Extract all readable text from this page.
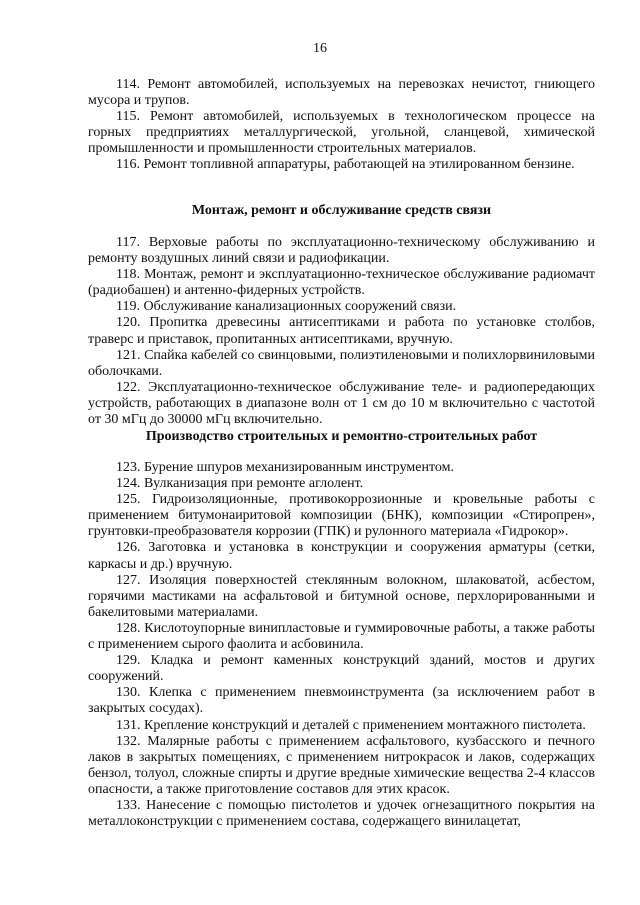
16

114. Ремонт автомобилей, используемых на перевозках нечистот, гниющего мусора и трупов.

115. Ремонт автомобилей, используемых в технологическом процессе на горных предприятиях металлургической, угольной, сланцевой, химической промышленности и промышленности строительных материалов.

116. Ремонт топливной аппаратуры, работающей на этилированном бензине.

Монтаж, ремонт и обслуживание средств связи

117. Верховые работы по эксплуатационно-техническому обслуживанию и ремонту воздушных линий связи и радиофикации.

118. Монтаж, ремонт и эксплуатационно-техническое обслуживание радиомачт (радиобашен) и антенно-фидерных устройств.

119. Обслуживание канализационных сооружений связи.

120. Пропитка древесины антисептиками и работа по установке столбов, траверс и приставок, пропитанных антисептиками, вручную.

121. Спайка кабелей со свинцовыми, полиэтиленовыми и полихлорвиниловыми оболочками.

122. Эксплуатационно-техническое обслуживание теле- и радиопередающих устройств, работающих в диапазоне волн от 1 см до 10 м включительно с частотой от 30 мГц до 30000 мГц включительно.

Производство строительных и ремонтно-строительных работ

123. Бурение шпуров механизированным инструментом.

124. Вулканизация при ремонте аглолент.

125. Гидроизоляционные, противокоррозионные и кровельные работы с применением битумонаиритовой композиции (БНК), композиции «Стиропрен», грунтовки-преобразователя коррозии (ГПК) и рулонного материала «Гидрокор».

126. Заготовка и установка в конструкции и сооружения арматуры (сетки, каркасы и др.) вручную.

127. Изоляция поверхностей стеклянным волокном, шлаковатой, асбестом, горячими мастиками на асфальтовой и битумной основе, перхлорированными и бакелитовыми материалами.

128. Кислотоупорные винипластовые и гуммировочные работы, а также работы с применением сырого фаолита и асбовинила.

129. Кладка и ремонт каменных конструкций зданий, мостов и других сооружений.

130. Клепка с применением пневмоинструмента (за исключением работ в закрытых сосудах).

131. Крепление конструкций и деталей с применением монтажного пистолета.

132. Малярные работы с применением асфальтового, кузбасского и печного лаков в закрытых помещениях, с применением нитрокрасок и лаков, содержащих бензол, толуол, сложные спирты и другие вредные химические вещества 2-4 классов опасности, а также приготовление составов для этих красок.

133. Нанесение с помощью пистолетов и удочек огнезащитного покрытия на металлоконструкции с применением состава, содержащего винилацетат,
